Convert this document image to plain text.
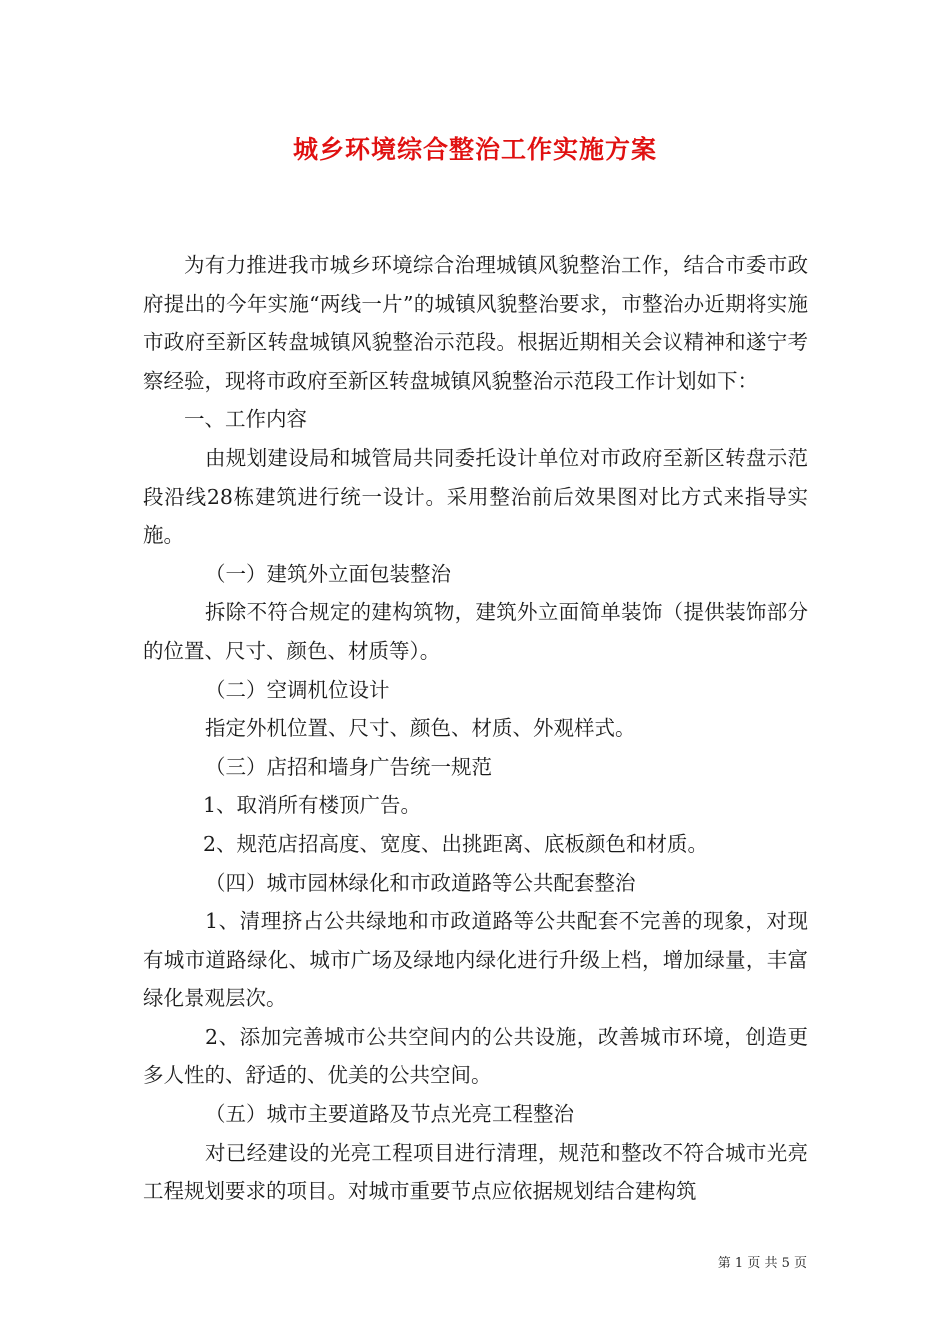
城乡环境综合整治工作实施方案

为有力推进我市城乡环境综合治理城镇风貌整治工作，结合市委市政府提出的今年实施“两线一片”的城镇风貌整治要求，市整治办近期将实施市政府至新区转盘城镇风貌整治示范段。根据近期相关会议精神和遂宁考察经验，现将市政府至新区转盘城镇风貌整治示范段工作计划如下：

一、工作内容

由规划建设局和城管局共同委托设计单位对市政府至新区转盘示范段沿线28栋建筑进行统一设计。采用整治前后效果图对比方式来指导实施。

（一）建筑外立面包装整治

拆除不符合规定的建构筑物，建筑外立面简单装饰（提供装饰部分的位置、尺寸、颜色、材质等）。

（二）空调机位设计

指定外机位置、尺寸、颜色、材质、外观样式。

（三）店招和墙身广告统一规范

1、取消所有楼顶广告。

2、规范店招高度、宽度、出挑距离、底板颜色和材质。

（四）城市园林绿化和市政道路等公共配套整治

1、清理挤占公共绿地和市政道路等公共配套不完善的现象，对现有城市道路绿化、城市广场及绿地内绿化进行升级上档，增加绿量，丰富绿化景观层次。

2、添加完善城市公共空间内的公共设施，改善城市环境，创造更多人性的、舒适的、优美的公共空间。

（五）城市主要道路及节点光亮工程整治

对已经建设的光亮工程项目进行清理，规范和整改不符合城市光亮工程规划要求的项目。对城市重要节点应依据规划结合建构筑

第 1 页 共 5 页
